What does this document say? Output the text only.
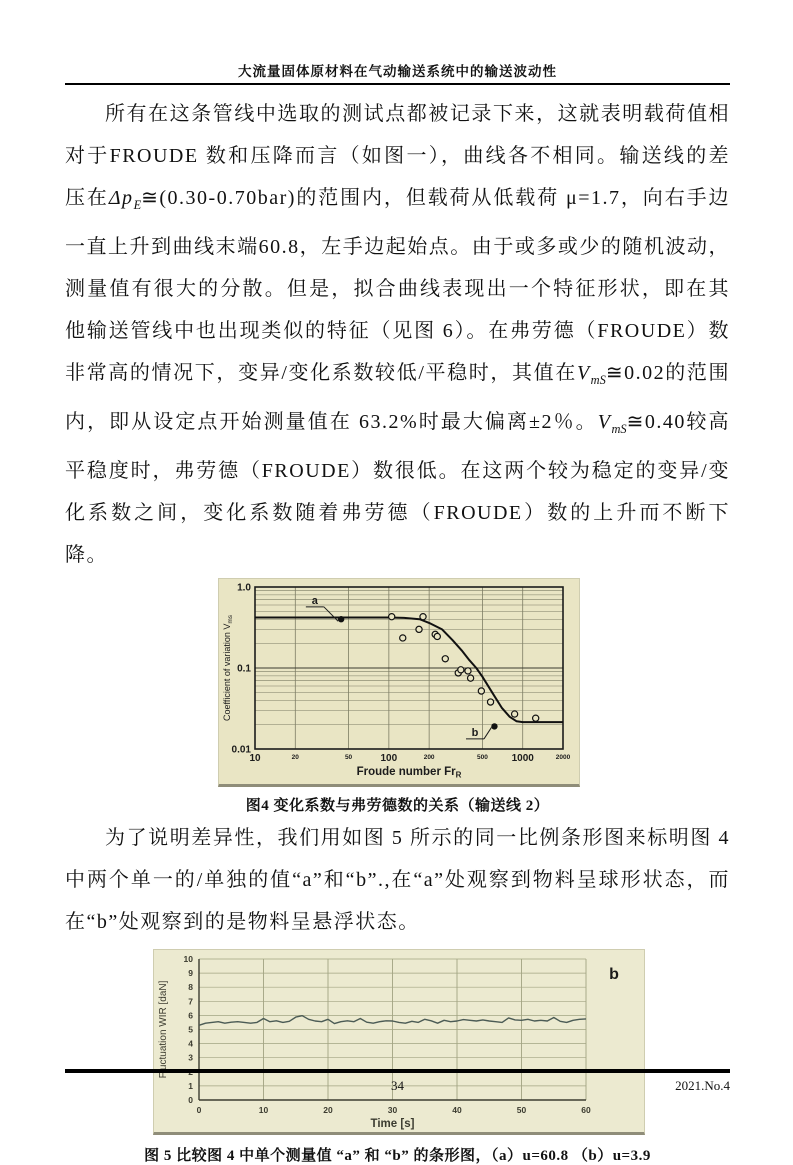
大流量固体原材料在气动输送系统中的输送波动性

所有在这条管线中选取的测试点都被记录下来，这就表明载荷值相对于FROUDE 数和压降而言（如图一），曲线各不相同。输送线的差压在$\Delta p_E≅(0.30-0.70bar)$的范围内，但载荷从低载荷 μ=1.7，向右手边一直上升到曲线末端60.8，左手边起始点。由于或多或少的随机波动，测量值有很大的分散。但是，拟合曲线表现出一个特征形状，即在其他输送管线中也出现类似的特征（见图 6）。在弗劳德（FROUDE）数非常高的情况下，变异/变化系数较低/平稳时，其值在$V_{mS}≅0.02$的范围内，即从设定点开始测量值在 63.2%时最大偏离±2％。$V_{mS}≅0.40$较高平稳度时，弗劳德（FROUDE）数很低。在这两个较为稳定的变异/变化系数之间，变化系数随着弗劳德（FROUDE）数的上升而不断下降。

a
b
1.0
0.1
0.01
10	100	1000
20	50	200	500	2000
Froude number $Fr_R$
Coefficient of variation $V_{ms}$
图4 变化系数与弗劳德数的关系（输送线 2）

为了说明差异性，我们用如图 5 所示的同一比例条形图来标明图 4 中两个单一的/单独的值“a”和“b”.,在“a”处观察到物料呈球形状态，而在“b”处观察到的是物料呈悬浮状态。

0
1
2
3
4
5
6
7
8
9
10
0	10	20	30	40	50	60
Time [s]
Fluctuation WIR [daN]
b
图 5 比较图 4 中单个测量值 “a” 和 “b” 的条形图，（a）u=60.8 （b）u=3.9
34	2021.No.4
